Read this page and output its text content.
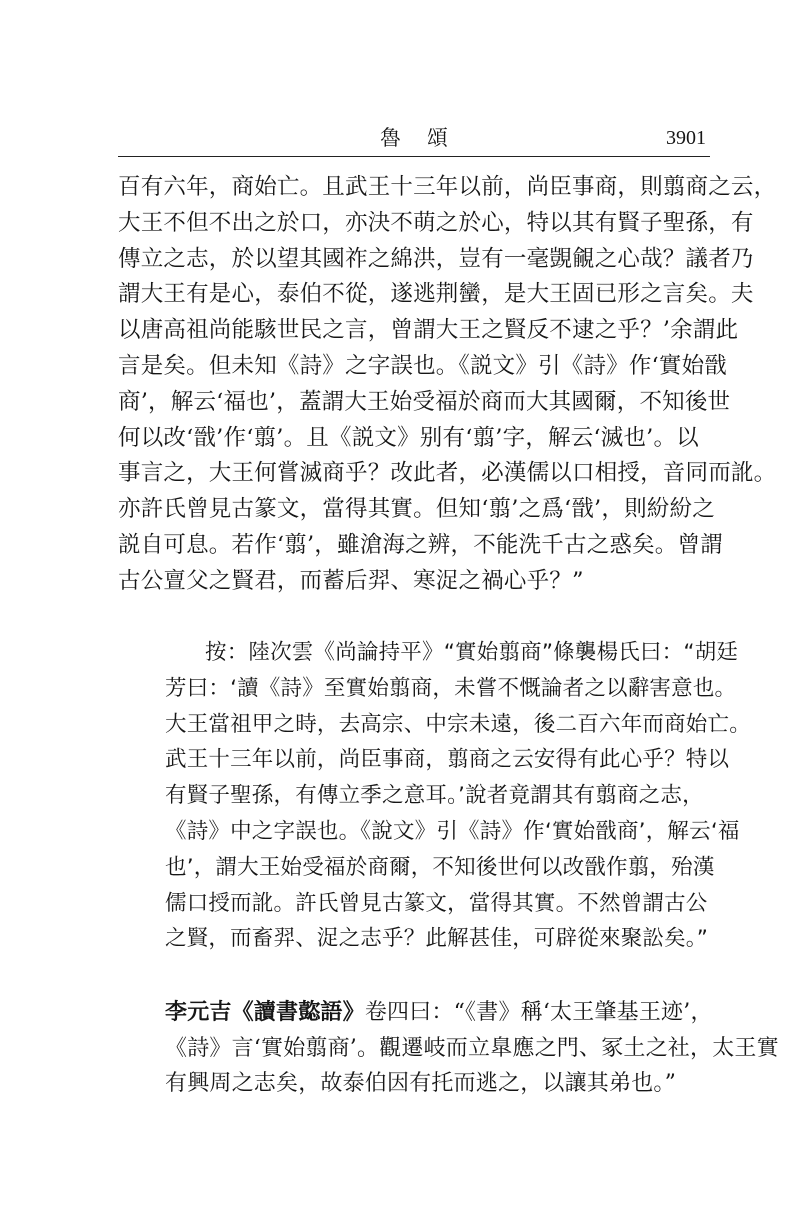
魯頌	3901
百有六年，商始亡。且武王十三年以前，尚臣事商，則翦商之云，
大王不但不出之於口，亦決不萌之於心，特以其有賢子聖孫，有
傳立之志，於以望其國祚之綿洪，豈有一毫覬覦之心哉？議者乃
謂大王有是心，泰伯不從，遂逃荆蠻，是大王固已形之言矣。夫
以唐高祖尚能駭世民之言，曾謂大王之賢反不逮之乎？’余謂此
言是矣。但未知《詩》之字誤也。《説文》引《詩》作‘實始戩
商’，解云‘福也’，蓋謂大王始受福於商而大其國爾，不知後世
何以改‘戩’作‘翦’。且《説文》别有‘翦’字，解云‘滅也’。以
事言之，大王何嘗滅商乎？改此者，必漢儒以口相授，音同而訛。
亦許氏曾見古篆文，當得其實。但知‘翦’之爲‘戩’，則紛紛之
説自可息。若作‘翦’，雖滄海之辨，不能洗千古之惑矣。曾謂
古公亶父之賢君，而蓄后羿、寒浞之禍心乎？”
按：陸次雲《尚論持平》“實始翦商”條襲楊氏曰：“胡廷
芳曰：‘讀《詩》至實始翦商，未嘗不慨論者之以辭害意也。
大王當祖甲之時，去高宗、中宗未遠，後二百六年而商始亡。
武王十三年以前，尚臣事商，翦商之云安得有此心乎？特以
有賢子聖孫，有傳立季之意耳。’說者竟謂其有翦商之志，
《詩》中之字誤也。《說文》引《詩》作‘實始戩商’，解云‘福
也’，謂大王始受福於商爾，不知後世何以改戩作翦，殆漢
儒口授而訛。許氏曾見古篆文，當得其實。不然曾謂古公
之賢，而畜羿、浞之志乎？此解甚佳，可辟從來聚訟矣。”
李元吉《讀書㦤語》卷四曰：“《書》稱‘太王肇基王迹’，
《詩》言‘實始翦商’。觀遷岐而立臯應之門、冢土之社，太王實
有興周之志矣，故泰伯因有托而逃之，以讓其弟也。”
